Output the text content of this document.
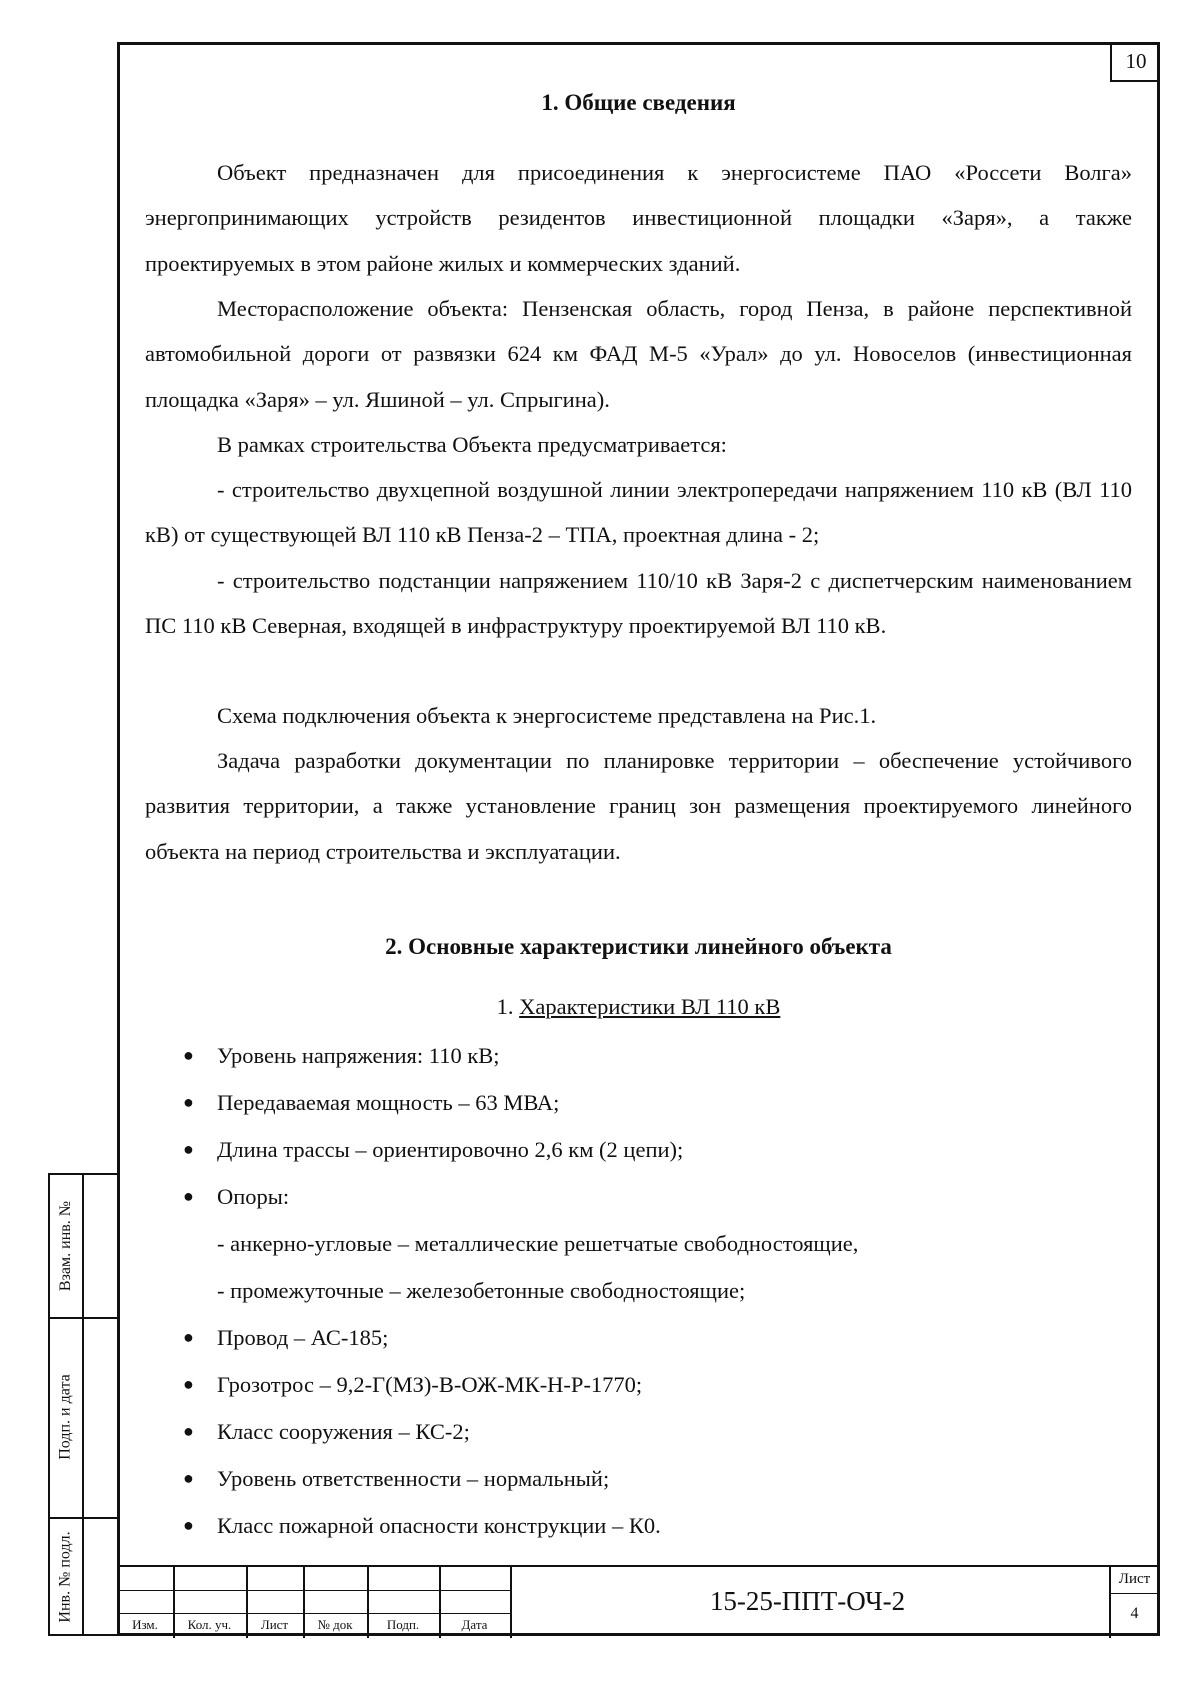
10
1. Общие сведения
Объект предназначен для присоединения к энергосистеме ПАО «Россети Волга» энергопринимающих устройств резидентов инвестиционной площадки «Заря», а также проектируемых в этом районе жилых и коммерческих зданий.
Месторасположение объекта: Пензенская область, город Пенза, в районе перспективной автомобильной дороги от развязки 624 км ФАД М-5 «Урал» до ул. Новоселов (инвестиционная площадка «Заря» – ул. Яшиной – ул. Спрыгина).
В рамках строительства Объекта предусматривается:
- строительство двухцепной воздушной линии электропередачи напряжением 110 кВ (ВЛ 110 кВ) от существующей ВЛ 110 кВ Пенза-2 – ТПА, проектная длина - 2;
- строительство подстанции напряжением 110/10 кВ Заря-2 с диспетчерским наименованием ПС 110 кВ Северная, входящей в инфраструктуру проектируемой ВЛ 110 кВ.
Схема подключения объекта к энергосистеме представлена на Рис.1.
Задача разработки документации по планировке территории – обеспечение устойчивого развития территории, а также установление границ зон размещения проектируемого линейного объекта на период строительства и эксплуатации.
2. Основные характеристики линейного объекта
1. Характеристики ВЛ 110 кВ
● Уровень напряжения: 110 кВ;
● Передаваемая мощность – 63 МВА;
● Длина трассы – ориентировочно 2,6 км (2 цепи);
● Опоры:
- анкерно-угловые – металлические решетчатые свободностоящие,
- промежуточные – железобетонные свободностоящие;
● Провод – АС-185;
● Грозотрос – 9,2-Г(МЗ)-В-ОЖ-МК-Н-Р-1770;
● Класс сооружения – КС-2;
● Уровень ответственности – нормальный;
● Класс пожарной опасности конструкции – К0.
Взам. инв. №
Подп. и дата
Инв. № подл.
Изм.	Кол. уч.	Лист	№ док	Подп.	Дата
Лист
4
15-25-ППТ-ОЧ-2
